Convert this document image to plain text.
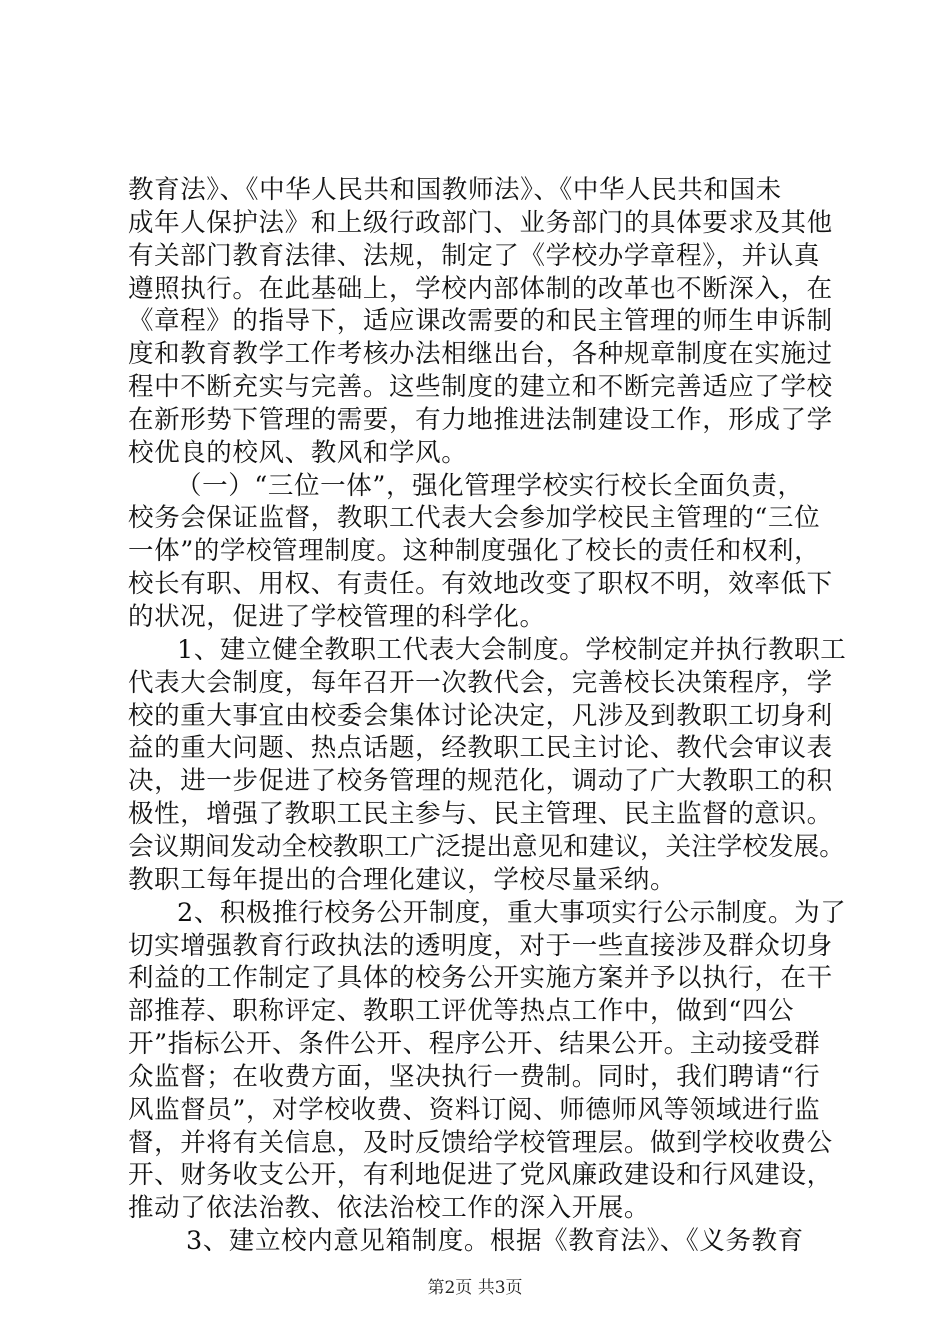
教育法》、《中华人民共和国教师法》、《中华人民共和国未
成年人保护法》和上级行政部门、业务部门的具体要求及其他
有关部门教育法律、法规，制定了《学校办学章程》，并认真
遵照执行。在此基础上，学校内部体制的改革也不断深入，在
《章程》的指导下，适应课改需要的和民主管理的师生申诉制
度和教育教学工作考核办法相继出台，各种规章制度在实施过
程中不断充实与完善。这些制度的建立和不断完善适应了学校
在新形势下管理的需要，有力地推进法制建设工作，形成了学
校优良的校风、教风和学风。
（一）“三位一体”，强化管理学校实行校长全面负责，
校务会保证监督，教职工代表大会参加学校民主管理的“三位
一体”的学校管理制度。这种制度强化了校长的责任和权利，
校长有职、用权、有责任。有效地改变了职权不明，效率低下
的状况，促进了学校管理的科学化。
1、建立健全教职工代表大会制度。学校制定并执行教职工
代表大会制度，每年召开一次教代会，完善校长决策程序，学
校的重大事宜由校委会集体讨论决定，凡涉及到教职工切身利
益的重大问题、热点话题，经教职工民主讨论、教代会审议表
决，进一步促进了校务管理的规范化，调动了广大教职工的积
极性，增强了教职工民主参与、民主管理、民主监督的意识。
会议期间发动全校教职工广泛提出意见和建议，关注学校发展。
教职工每年提出的合理化建议，学校尽量采纳。
2、积极推行校务公开制度，重大事项实行公示制度。为了
切实增强教育行政执法的透明度，对于一些直接涉及群众切身
利益的工作制定了具体的校务公开实施方案并予以执行，在干
部推荐、职称评定、教职工评优等热点工作中，做到“四公
开”指标公开、条件公开、程序公开、结果公开。主动接受群
众监督；在收费方面，坚决执行一费制。同时，我们聘请“行
风监督员”，对学校收费、资料订阅、师德师风等领域进行监
督，并将有关信息，及时反馈给学校管理层。做到学校收费公
开、财务收支公开，有利地促进了党风廉政建设和行风建设，
推动了依法治教、依法治校工作的深入开展。
3、建立校内意见箱制度。根据《教育法》、《义务教育
第2页 共3页
